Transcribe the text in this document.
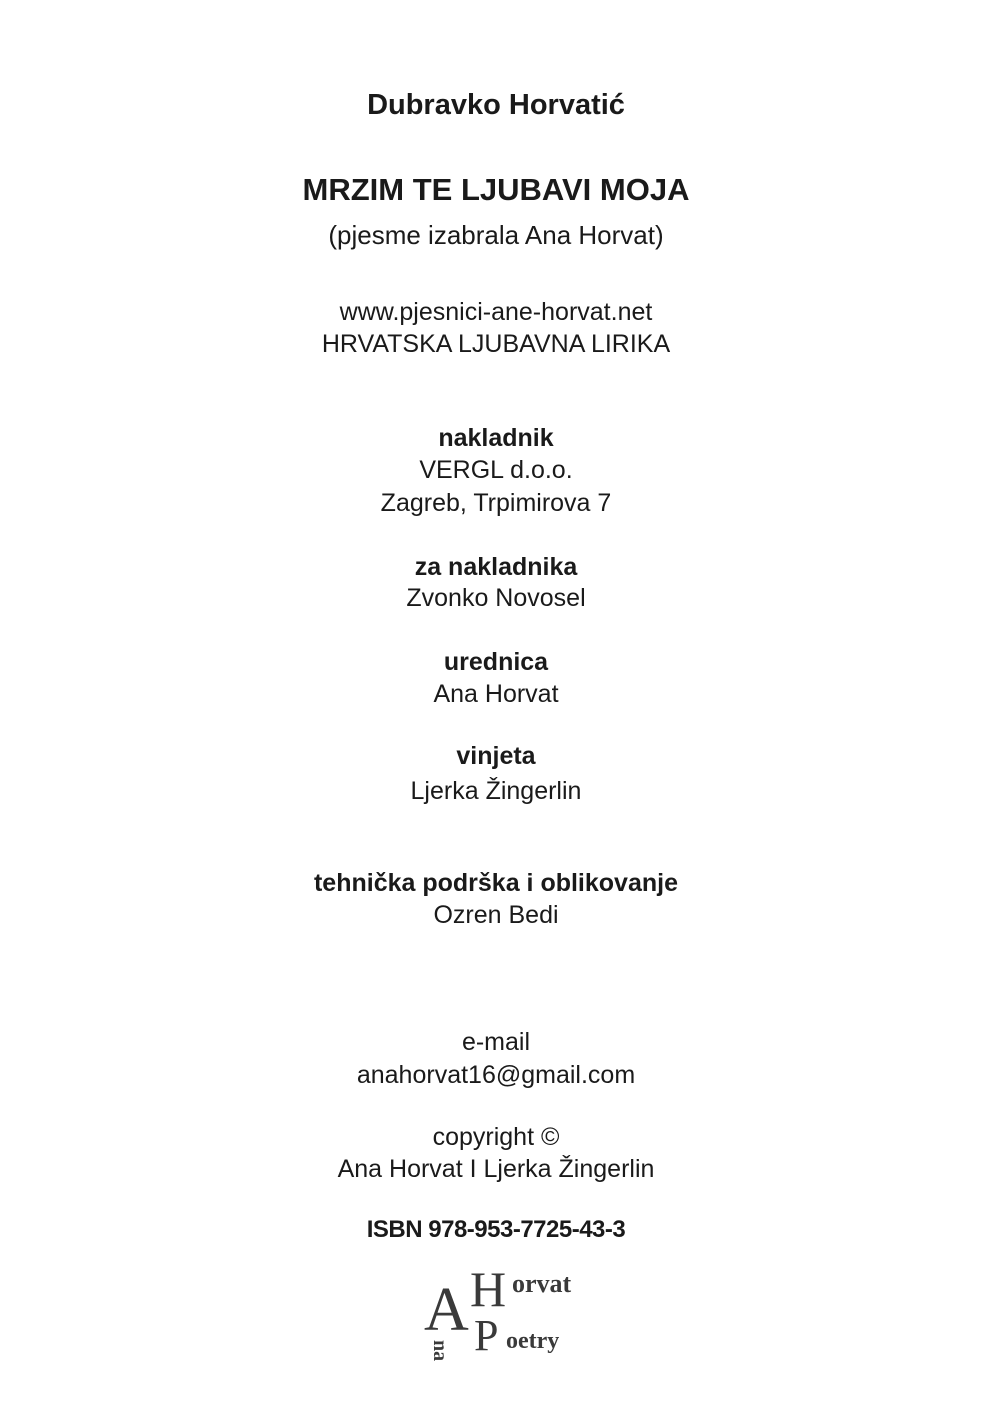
Dubravko Horvatić
MRZIM TE LJUBAVI MOJA
(pjesme izabrala Ana Horvat)
www.pjesnici-ane-horvat.net
HRVATSKA LJUBAVNA LIRIKA
nakladnik
VERGL d.o.o.
Zagreb, Trpimirova 7
za nakladnika
Zvonko Novosel
urednica
Ana Horvat
vinjeta
Ljerka Žingerlin
tehnička podrška i oblikovanje
Ozren Bedi
e-mail
anahorvat16@gmail.com
copyright ©
Ana Horvat I Ljerka Žingerlin
ISBN 978-953-7725-43-3
A H orvat
P oetry
na
